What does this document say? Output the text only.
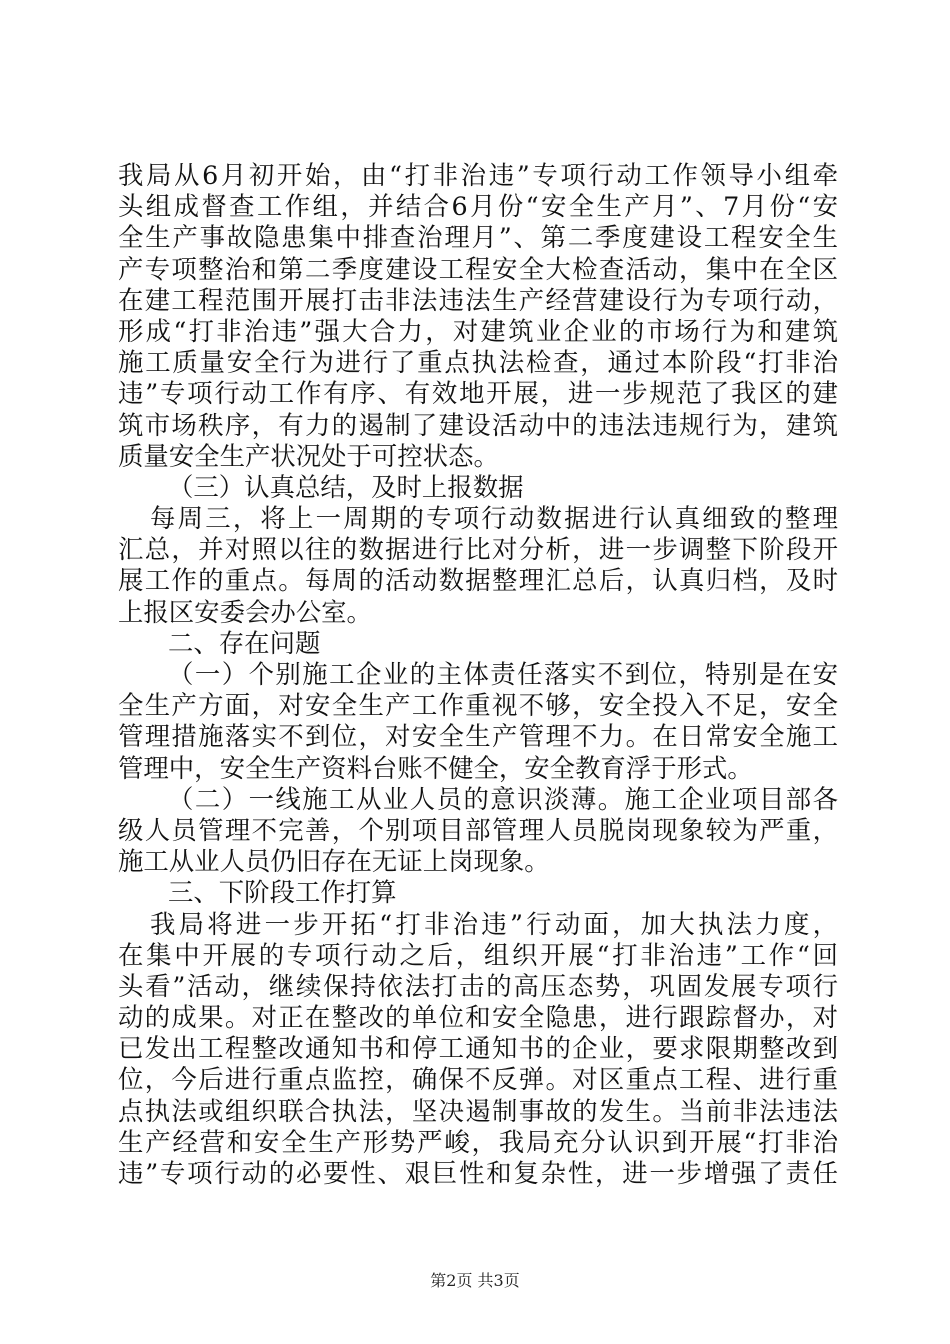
我局从6月初开始，由“打非治违”专项行动工作领导小组牵
头组成督查工作组，并结合6月份“安全生产月”、7月份“安
全生产事故隐患集中排查治理月”、第二季度建设工程安全生
产专项整治和第二季度建设工程安全大检查活动，集中在全区
在建工程范围开展打击非法违法生产经营建设行为专项行动，
形成“打非治违”强大合力，对建筑业企业的市场行为和建筑
施工质量安全行为进行了重点执法检查，通过本阶段“打非治
违”专项行动工作有序、有效地开展，进一步规范了我区的建
筑市场秩序，有力的遏制了建设活动中的违法违规行为，建筑
质量安全生产状况处于可控状态。
（三）认真总结，及时上报数据
每周三，将上一周期的专项行动数据进行认真细致的整理
汇总，并对照以往的数据进行比对分析，进一步调整下阶段开
展工作的重点。每周的活动数据整理汇总后，认真归档，及时
上报区安委会办公室。
二、存在问题
（一）个别施工企业的主体责任落实不到位，特别是在安
全生产方面，对安全生产工作重视不够，安全投入不足，安全
管理措施落实不到位，对安全生产管理不力。在日常安全施工
管理中，安全生产资料台账不健全，安全教育浮于形式。
（二）一线施工从业人员的意识淡薄。施工企业项目部各
级人员管理不完善，个别项目部管理人员脱岗现象较为严重，
施工从业人员仍旧存在无证上岗现象。
三、下阶段工作打算
我局将进一步开拓“打非治违”行动面，加大执法力度，
在集中开展的专项行动之后，组织开展“打非治违”工作“回
头看”活动，继续保持依法打击的高压态势，巩固发展专项行
动的成果。对正在整改的单位和安全隐患，进行跟踪督办，对
已发出工程整改通知书和停工通知书的企业，要求限期整改到
位，今后进行重点监控，确保不反弹。对区重点工程、进行重
点执法或组织联合执法，坚决遏制事故的发生。当前非法违法
生产经营和安全生产形势严峻，我局充分认识到开展“打非治
违”专项行动的必要性、艰巨性和复杂性，进一步增强了责任
第2页 共3页
